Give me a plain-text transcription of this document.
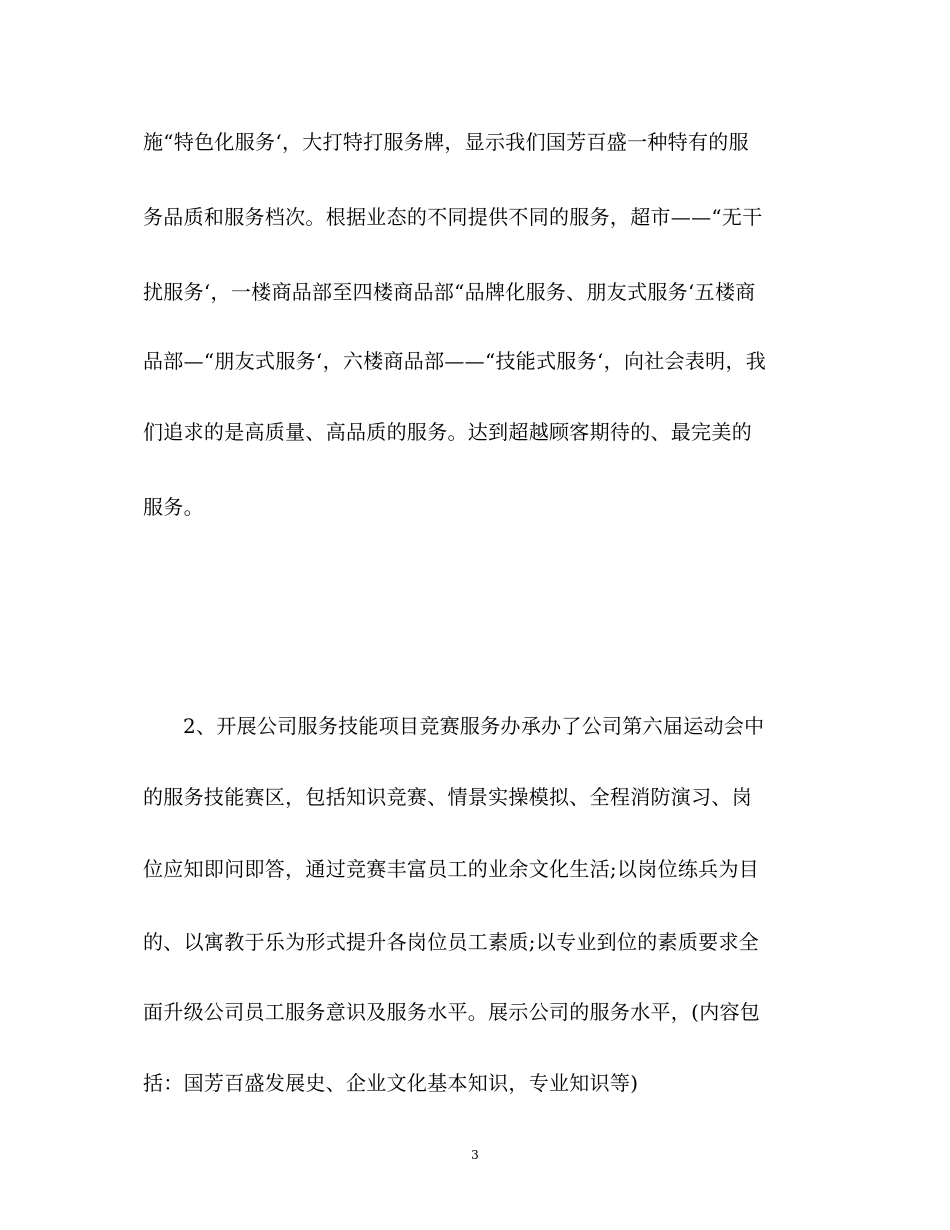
施“特色化服务‘，大打特打服务牌，显示我们国芳百盛一种特有的服
务品质和服务档次。根据业态的不同提供不同的服务，超市——“无干
扰服务‘，一楼商品部至四楼商品部“品牌化服务、朋友式服务‘五楼商
品部—“朋友式服务‘，六楼商品部——“技能式服务‘，向社会表明，我
们追求的是高质量、高品质的服务。达到超越顾客期待的、最完美的
服务。
2、开展公司服务技能项目竞赛服务办承办了公司第六届运动会中
的服务技能赛区，包括知识竞赛、情景实操模拟、全程消防演习、岗
位应知即问即答，通过竞赛丰富员工的业余文化生活;以岗位练兵为目
的、以寓教于乐为形式提升各岗位员工素质;以专业到位的素质要求全
面升级公司员工服务意识及服务水平。展示公司的服务水平，(内容包
括：国芳百盛发展史、企业文化基本知识，专业知识等)
3
